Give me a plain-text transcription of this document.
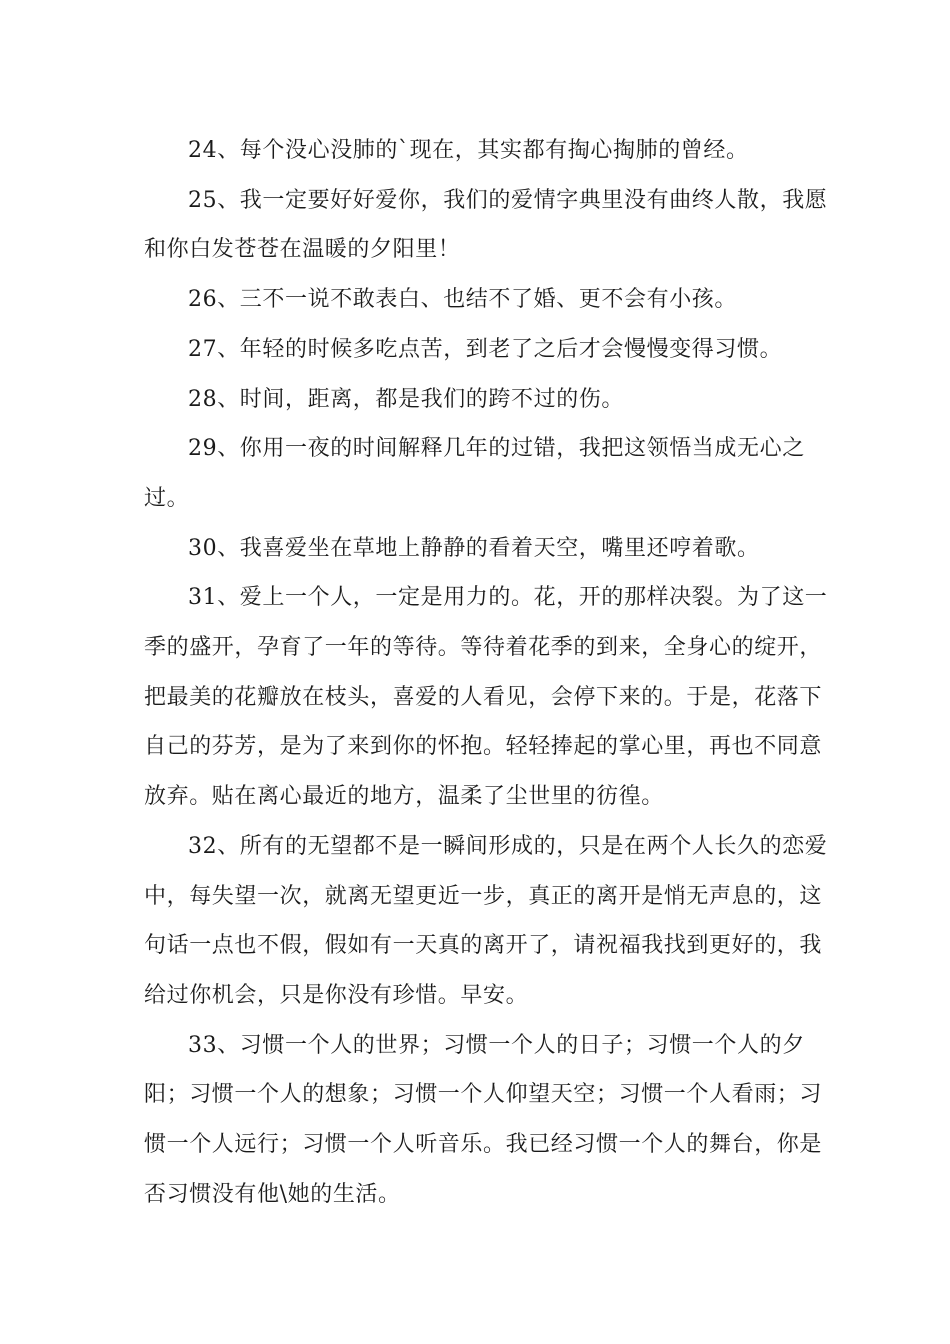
24、每个没心没肺的`现在，其实都有掏心掏肺的曾经。

25、我一定要好好爱你，我们的爱情字典里没有曲终人散，我愿和你白发苍苍在温暖的夕阳里！

26、三不一说不敢表白、也结不了婚、更不会有小孩。

27、年轻的时候多吃点苦，到老了之后才会慢慢变得习惯。

28、时间，距离，都是我们的跨不过的伤。

29、你用一夜的时间解释几年的过错，我把这领悟当成无心之过。

30、我喜爱坐在草地上静静的看着天空，嘴里还哼着歌。

31、爱上一个人，一定是用力的。花，开的那样决裂。为了这一季的盛开，孕育了一年的等待。等待着花季的到来，全身心的绽开，把最美的花瓣放在枝头，喜爱的人看见，会停下来的。于是，花落下自己的芬芳，是为了来到你的怀抱。轻轻捧起的掌心里，再也不同意放弃。贴在离心最近的地方，温柔了尘世里的彷徨。

32、所有的无望都不是一瞬间形成的，只是在两个人长久的恋爱中，每失望一次，就离无望更近一步，真正的离开是悄无声息的，这句话一点也不假，假如有一天真的离开了，请祝福我找到更好的，我给过你机会，只是你没有珍惜。早安。

33、习惯一个人的世界；习惯一个人的日子；习惯一个人的夕阳；习惯一个人的想象；习惯一个人仰望天空；习惯一个人看雨；习惯一个人远行；习惯一个人听音乐。我已经习惯一个人的舞台，你是否习惯没有他\她的生活。
